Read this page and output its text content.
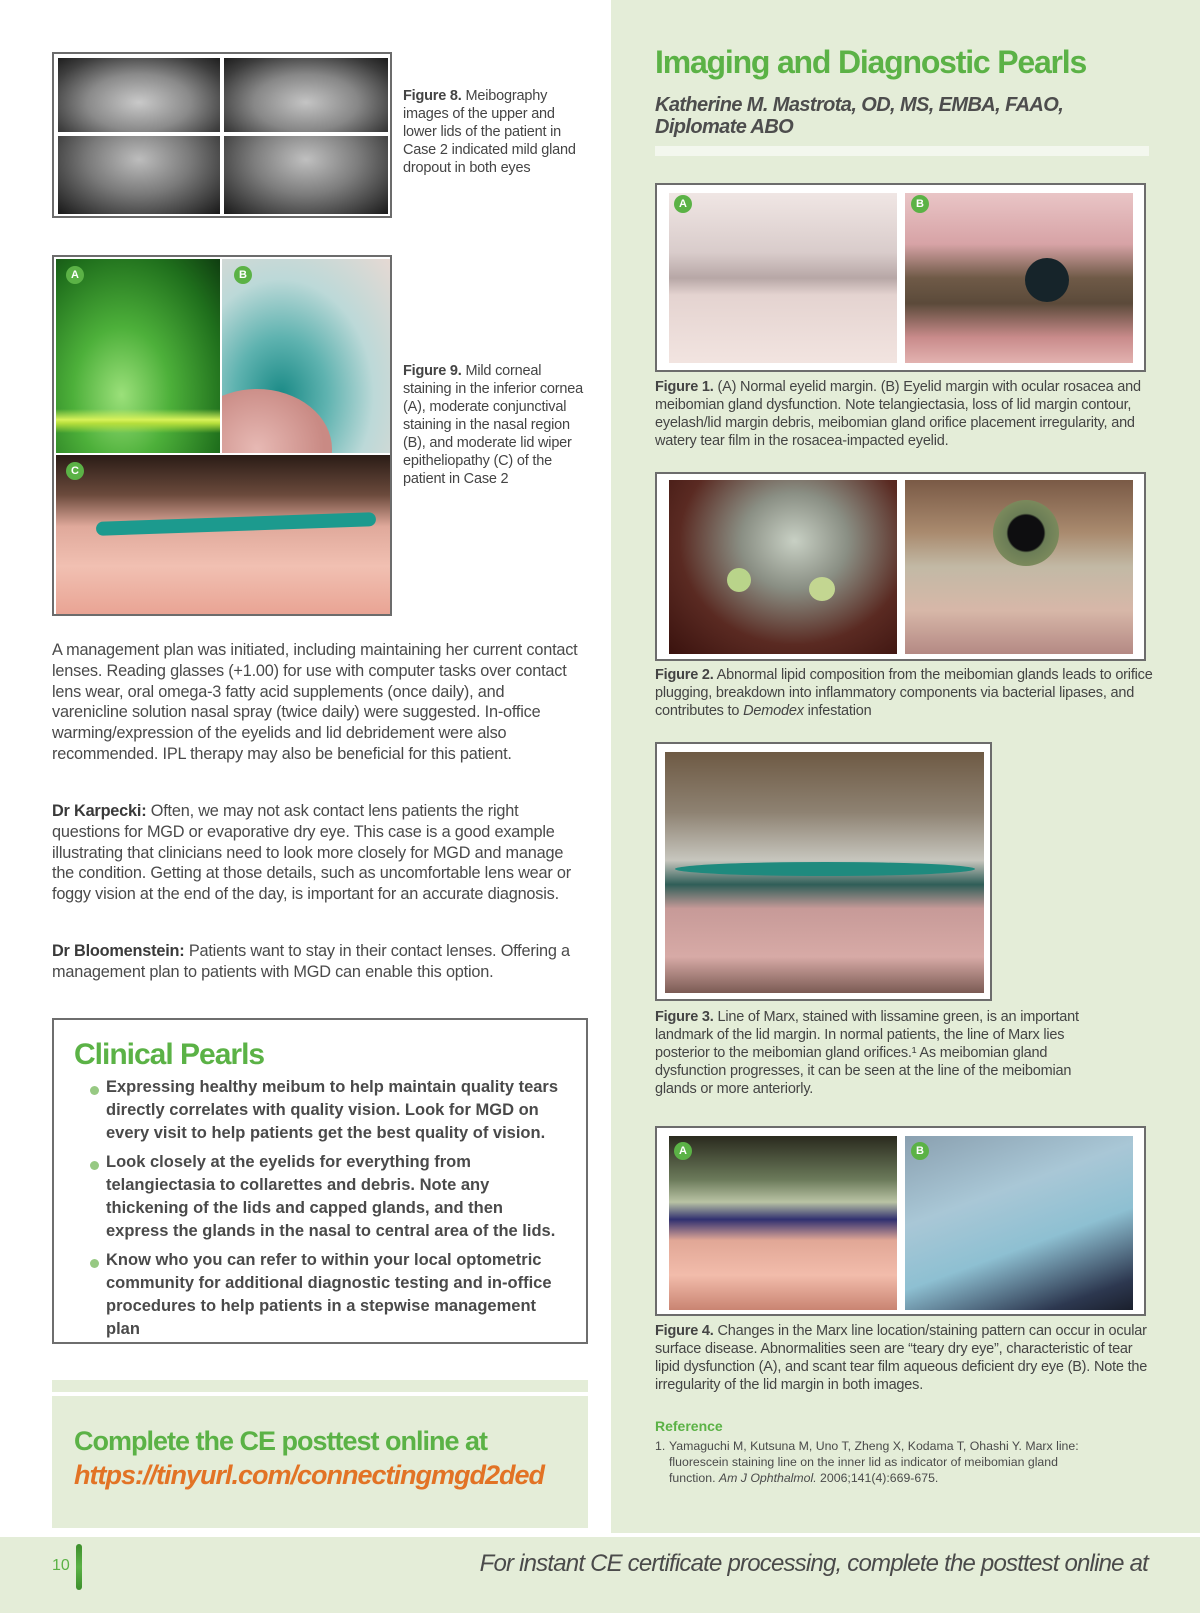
Figure 8. Meibography images of the upper and lower lids of the patient in Case 2 indicated mild gland dropout in both eyes
A	B
C
Figure 9. Mild corneal staining in the inferior cornea (A), moderate conjunctival staining in the nasal region (B), and moderate lid wiper epitheliopathy (C) of the patient in Case 2

A management plan was initiated, including maintaining her current contact lenses. Reading glasses (+1.00) for use with computer tasks over contact lens wear, oral omega-3 fatty acid supplements (once daily), and varenicline solution nasal spray (twice daily) were suggested. In-office warming/expression of the eyelids and lid debridement were also recommended. IPL therapy may also be beneficial for this patient.

Dr Karpecki: Often, we may not ask contact lens patients the right questions for MGD or evaporative dry eye. This case is a good example illustrating that clinicians need to look more closely for MGD and manage the condition. Getting at those details, such as uncomfortable lens wear or foggy vision at the end of the day, is important for an accurate diagnosis.

Dr Bloomenstein: Patients want to stay in their contact lenses. Offering a management plan to patients with MGD can enable this option.

Clinical Pearls
Expressing healthy meibum to help maintain quality tears directly correlates with quality vision. Look for MGD on every visit to help patients get the best quality of vision.
Look closely at the eyelids for everything from telangiectasia to collarettes and debris. Note any thickening of the lids and capped glands, and then express the glands in the nasal to central area of the lids.
Know who you can refer to within your local optometric community for additional diagnostic testing and in-office procedures to help patients in a stepwise management plan
Complete the CE posttest online at
https://tinyurl.com/connectingmgd2ded
Imaging and Diagnostic Pearls
Katherine M. Mastrota, OD, MS, EMBA, FAAO, Diplomate ABO
A	B
Figure 1. (A) Normal eyelid margin. (B) Eyelid margin with ocular rosacea and meibomian gland dysfunction. Note telangiectasia, loss of lid margin contour, eyelash/lid margin debris, meibomian gland orifice placement irregularity, and watery tear film in the rosacea-impacted eyelid.
Figure 2. Abnormal lipid composition from the meibomian glands leads to orifice plugging, breakdown into inflammatory components via bacterial lipases, and contributes to Demodex infestation
Figure 3. Line of Marx, stained with lissamine green, is an important landmark of the lid margin. In normal patients, the line of Marx lies posterior to the meibomian gland orifices.¹ As meibomian gland dysfunction progresses, it can be seen at the line of the meibomian glands or more anteriorly.
A	B
Figure 4. Changes in the Marx line location/staining pattern can occur in ocular surface disease. Abnormalities seen are “teary dry eye”, characteristic of tear lipid dysfunction (A), and scant tear film aqueous deficient dry eye (B). Note the irregularity of the lid margin in both images.
Reference
1. Yamaguchi M, Kutsuna M, Uno T, Zheng X, Kodama T, Ohashi Y. Marx line: fluorescein staining line on the inner lid as indicator of meibomian gland function. Am J Ophthalmol. 2006;141(4):669-675.
10	For instant CE certificate processing, complete the posttest online at
